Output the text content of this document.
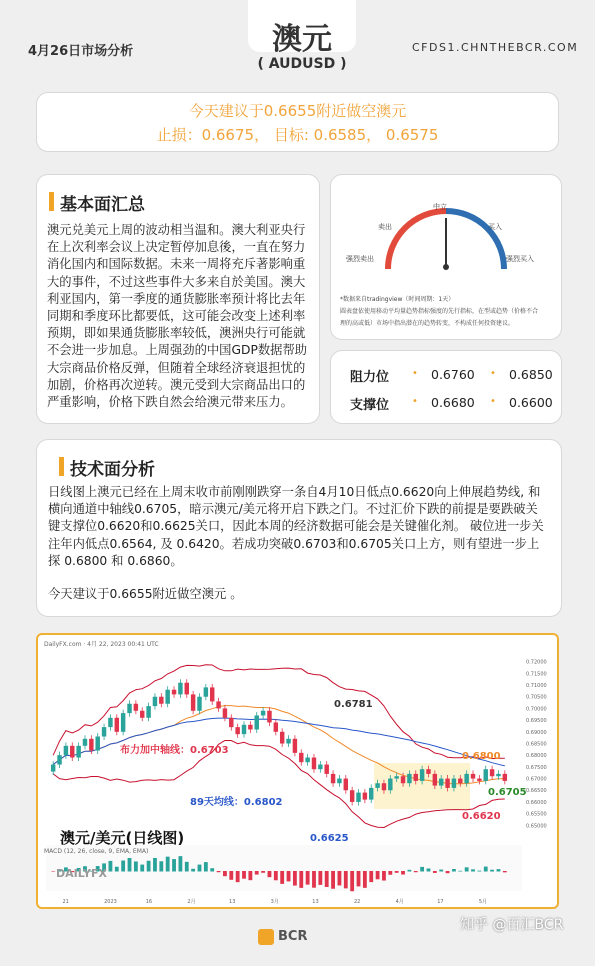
4月26日市场分析	澳元
( AUDUSD )
CFDS1.CHNTHEBCR.COM
今天建议于0.6655附近做空澳元
止损：0.6675， 目标: 0.6585， 0.6575
基本面汇总
澳元兑美元上周的波动相当温和。澳大利亚央行在上次利率会议上决定暂停加息後，一直在努力消化国内和国际数据。未来一周将充斥著影响重大的事件，不过这些事件大多来自於美国。澳大利亚国内，第一季度的通货膨胀率预计将比去年同期和季度环比都要低，这可能会改变上述利率预期，即如果通货膨胀率较低，澳洲央行可能就不会进一步加息。上周强劲的中国GDP数据帮助大宗商品价格反弹，但随着全球经济衰退担忧的加剧，价格再次逆转。澳元受到大宗商品出口的严重影响，价格下跌自然会给澳元带来压力。
中立
卖出	买入
强烈卖出	强烈买入
*数据来自tradingview（时间周期：1天）
圆表盘依使用移动平均量趋势指标强度的先行指标，在型或趋势（价格不合
理的高或低）市场中指出潜在的趋势转变，不构成任何投资建议。
阻力位 • 0.6760 • 0.6850
支撑位 • 0.6680 • 0.6600
技术面分析
日线图上澳元已经在上周末收市前刚刚跌穿一条自4月10日低点0.6620向上伸展趋势线, 和横向通道中轴线0.6705，暗示澳元/美元将开启下跌之门。不过汇价下跌的前提是要跌破关键支撑位0.6620和0.6625关口，因此本周的经济数据可能会是关键催化剂。 破位进一步关注年内低点0.6564, 及 0.6420。若成功突破0.6703和0.6705关口上方，则有望进一步上探 0.6800 和 0.6860。
今天建议于0.6655附近做空澳元 。
0.72000
0.71500
0.71000
0.70500
0.70000
0.69500
0.69000
0.68500
0.68000
0.67500
0.67000
0.66500
0.66000
0.65500
0.65000
21	2023	16	2月	13	3月	13	22	4月	17	5月
DailyFX.com · 4月 22, 2023 00:41 UTC
MACD (12, 26, close, 9, EMA, EMA)
DAILYFX
澳元/美元(日线图)
布力加中轴线：0.6703
89天均线：0.6802
0.6781
0.6625
0.6800
0.6705
0.6620
BCR
知乎 @百汇BCR
